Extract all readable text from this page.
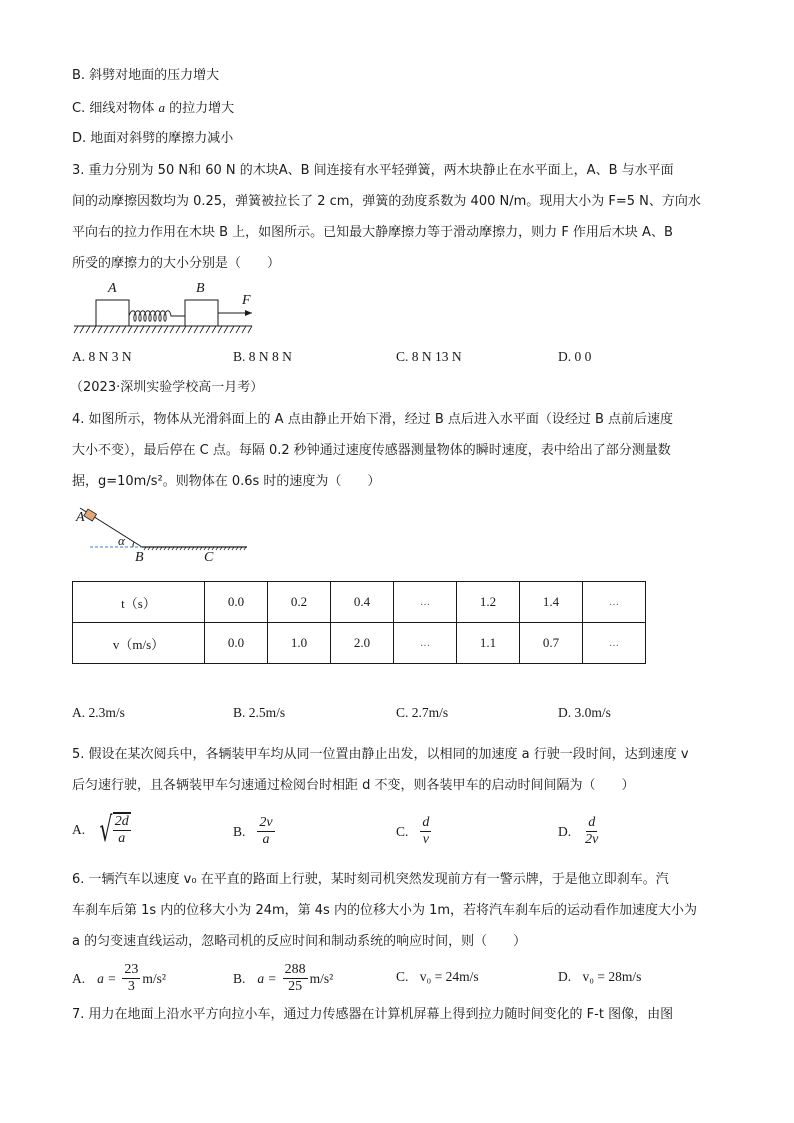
B. 斜劈对地面的压力增大
C. 细线对物体 a 的拉力增大
D. 地面对斜劈的摩擦力减小
3. 重力分别为 50 N和 60 N 的木块A、B 间连接有水平轻弹簧，两木块静止在水平面上，A、B 与水平面
间的动摩擦因数均为 0.25，弹簧被拉长了 2 cm，弹簧的劲度系数为 400 N/m。现用大小为 F=5 N、方向水
平向右的拉力作用在木块 B 上，如图所示。已知最大静摩擦力等于滑动摩擦力，则力 F 作用后木块 A、B
所受的摩擦力的大小分别是（　　）
A	B
F
A. 8 N 3 N	B. 8 N 8 N	C. 8 N 13 N	D. 0 0
（2023·深圳实验学校高一月考）
4. 如图所示，物体从光滑斜面上的 A 点由静止开始下滑，经过 B 点后进入水平面（设经过 B 点前后速度
大小不变），最后停在 C 点。每隔 0.2 秒钟通过速度传感器测量物体的瞬时速度，表中给出了部分测量数
据，g=10m/s²。则物体在 0.6s 时的速度为（　　）
A
α
B	C
t（s）	0.0	0.2	0.4	…	1.2	1.4	…
v（m/s）	0.0	1.0	2.0	…	1.1	0.7	…
A. 2.3m/s	B. 2.5m/s	C. 2.7m/s	D. 3.0m/s
5. 假设在某次阅兵中，各辆装甲车均从同一位置由静止出发，以相同的加速度 a 行驶一段时间，达到速度 v
后匀速行驶，且各辆装甲车匀速通过检阅台时相距 d 不变，则各装甲车的启动时间间隔为（　　）
A. √ $\frac{2d}{a}$	B. $\frac{2v}{a}$	C. $\frac{d}{v}$	D. $\frac{d}{2v}$
6. 一辆汽车以速度 v₀ 在平直的路面上行驶，某时刻司机突然发现前方有一警示牌，于是他立即刹车。汽
车刹车后第 1s 内的位移大小为 24m，第 4s 内的位移大小为 1m，若将汽车刹车后的运动看作加速度大小为
a 的匀变速直线运动，忽略司机的反应时间和制动系统的响应时间，则（　　）
A. $a = \frac{23}{3} m/s^2$	B. $a = \frac{288}{25} m/s^2$	C. v₀ = 24m/s	D. v₀ = 28m/s
7. 用力在地面上沿水平方向拉小车，通过力传感器在计算机屏幕上得到拉力随时间变化的 F-t 图像，由图
